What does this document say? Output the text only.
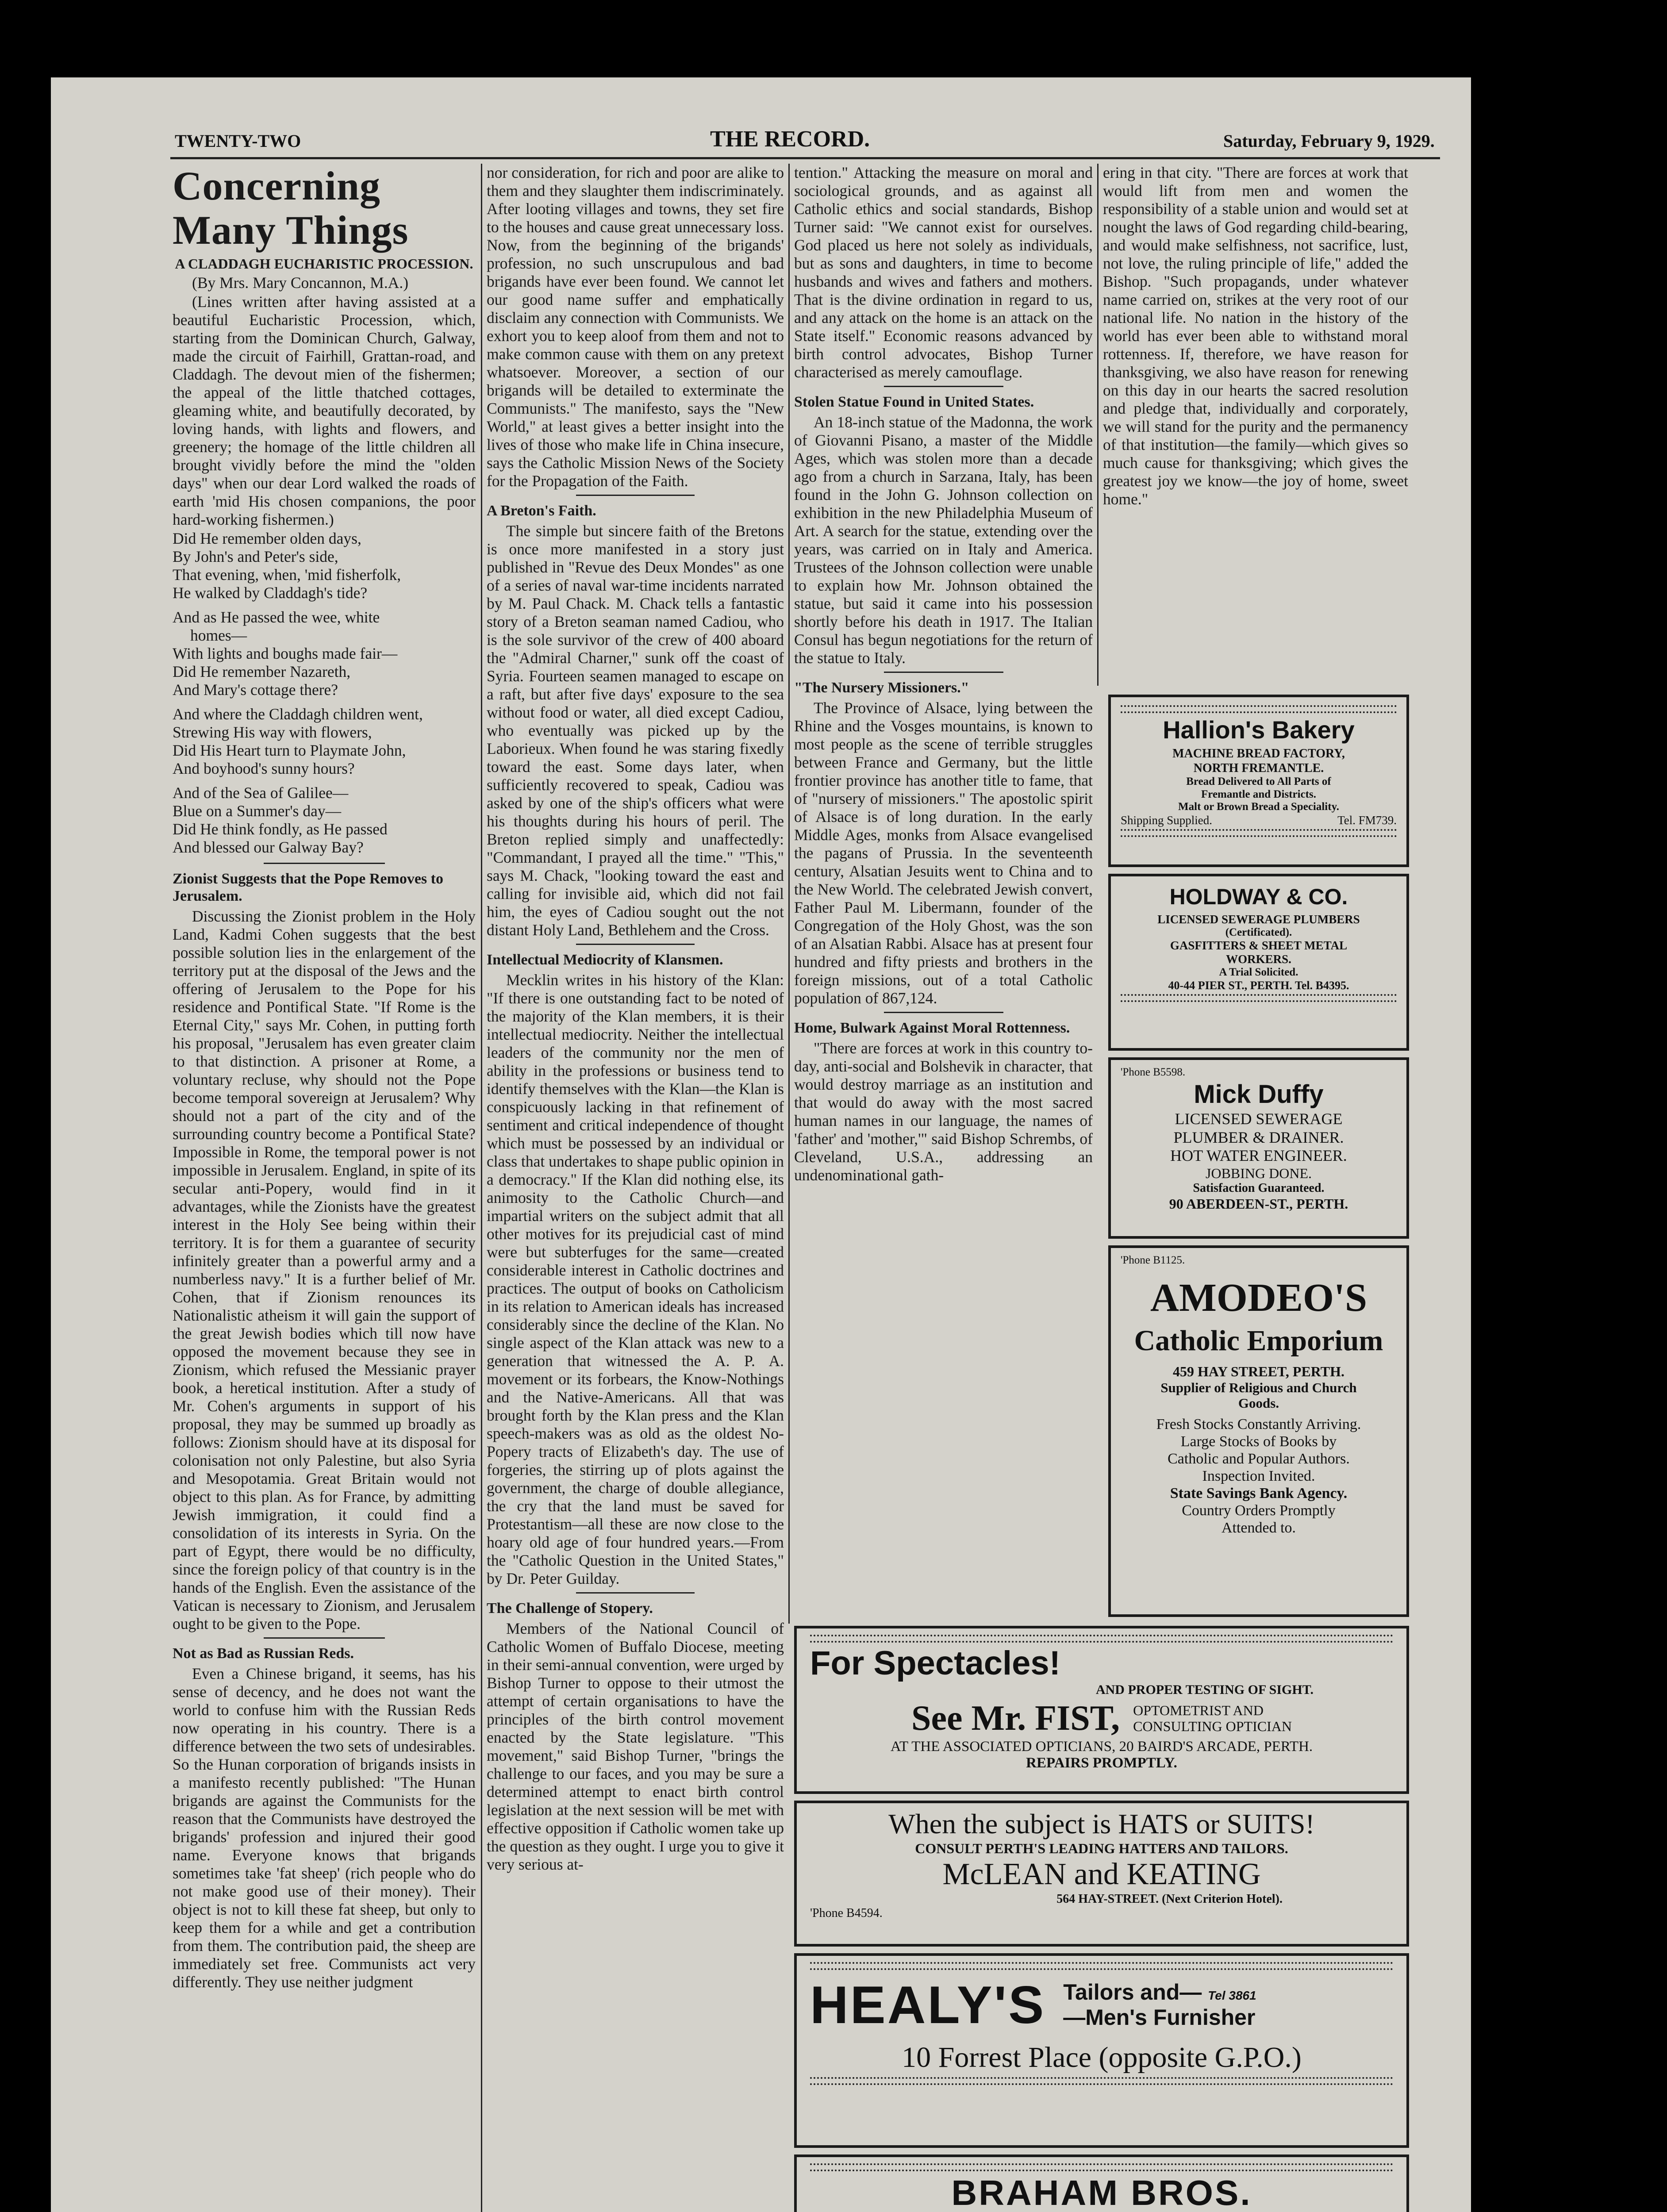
TWENTY-TWO	THE RECORD.	Saturday, February 9, 1929.
Concerning Many Things
A CLADDAGH EUCHARISTIC PROCESSION.

(By Mrs. Mary Concannon, M.A.)

(Lines written after having assisted at a beautiful Eucharistic Procession, which, starting from the Dominican Church, Galway, made the circuit of Fairhill, Grattan-road, and Claddagh. The devout mien of the fishermen; the appeal of the little thatched cottages, gleaming white, and beautifully decorated, by loving hands, with lights and flowers, and greenery; the homage of the little children all brought vividly before the mind the "olden days" when our dear Lord walked the roads of earth 'mid His chosen companions, the poor hard-working fishermen.)

Did He remember olden days,
By John's and Peter's side,
That evening, when, 'mid fisherfolk,
He walked by Claddagh's tide?
And as He passed the wee, white
homes—
With lights and boughs made fair—
Did He remember Nazareth,
And Mary's cottage there?
And where the Claddagh children went,
Strewing His way with flowers,
Did His Heart turn to Playmate John,
And boyhood's sunny hours?
And of the Sea of Galilee—
Blue on a Summer's day—
Did He think fondly, as He passed
And blessed our Galway Bay?
Zionist Suggests that the Pope Removes to Jerusalem.

Discussing the Zionist problem in the Holy Land, Kadmi Cohen suggests that the best possible solution lies in the enlargement of the territory put at the disposal of the Jews and the offering of Jerusalem to the Pope for his residence and Pontifical State. "If Rome is the Eternal City," says Mr. Cohen, in putting forth his proposal, "Jerusalem has even greater claim to that distinction. A prisoner at Rome, a voluntary recluse, why should not the Pope become temporal sovereign at Jerusalem? Why should not a part of the city and of the surrounding country become a Pontifical State? Impossible in Rome, the temporal power is not impossible in Jerusalem. England, in spite of its secular anti-Popery, would find in it advantages, while the Zionists have the greatest interest in the Holy See being within their territory. It is for them a guarantee of security infinitely greater than a powerful army and a numberless navy." It is a further belief of Mr. Cohen, that if Zionism renounces its Nationalistic atheism it will gain the support of the great Jewish bodies which till now have opposed the movement because they see in Zionism, which refused the Messianic prayer book, a heretical institution. After a study of Mr. Cohen's arguments in support of his proposal, they may be summed up broadly as follows: Zionism should have at its disposal for colonisation not only Palestine, but also Syria and Mesopotamia. Great Britain would not object to this plan. As for France, by admitting Jewish immigration, it could find a consolidation of its interests in Syria. On the part of Egypt, there would be no difficulty, since the foreign policy of that country is in the hands of the English. Even the assistance of the Vatican is necessary to Zionism, and Jerusalem ought to be given to the Pope.

Not as Bad as Russian Reds.

Even a Chinese brigand, it seems, has his sense of decency, and he does not want the world to confuse him with the Russian Reds now operating in his country. There is a difference between the two sets of undesirables. So the Hunan corporation of brigands insists in a manifesto recently published: "The Hunan brigands are against the Communists for the reason that the Communists have destroyed the brigands' profession and injured their good name. Everyone knows that brigands sometimes take 'fat sheep' (rich people who do not make good use of their money). Their object is not to kill these fat sheep, but only to keep them for a while and get a contribution from them. The contribution paid, the sheep are immediately set free. Communists act very differently. They use neither judgment

nor consideration, for rich and poor are alike to them and they slaughter them indiscriminately. After looting villages and towns, they set fire to the houses and cause great unnecessary loss. Now, from the beginning of the brigands' profession, no such unscrupulous and bad brigands have ever been found. We cannot let our good name suffer and emphatically disclaim any connection with Communists. We exhort you to keep aloof from them and not to make common cause with them on any pretext whatsoever. Moreover, a section of our brigands will be detailed to exterminate the Communists." The manifesto, says the "New World," at least gives a better insight into the lives of those who make life in China insecure, says the Catholic Mission News of the Society for the Propagation of the Faith.

A Breton's Faith.

The simple but sincere faith of the Bretons is once more manifested in a story just published in "Revue des Deux Mondes" as one of a series of naval war-time incidents narrated by M. Paul Chack. M. Chack tells a fantastic story of a Breton seaman named Cadiou, who is the sole survivor of the crew of 400 aboard the "Admiral Charner," sunk off the coast of Syria. Fourteen seamen managed to escape on a raft, but after five days' exposure to the sea without food or water, all died except Cadiou, who eventually was picked up by the Laborieux. When found he was staring fixedly toward the east. Some days later, when sufficiently recovered to speak, Cadiou was asked by one of the ship's officers what were his thoughts during his hours of peril. The Breton replied simply and unaffectedly: "Commandant, I prayed all the time." "This," says M. Chack, "looking toward the east and calling for invisible aid, which did not fail him, the eyes of Cadiou sought out the not distant Holy Land, Bethlehem and the Cross.

Intellectual Mediocrity of Klansmen.

Mecklin writes in his history of the Klan: "If there is one outstanding fact to be noted of the majority of the Klan members, it is their intellectual mediocrity. Neither the intellectual leaders of the community nor the men of ability in the professions or business tend to identify themselves with the Klan—the Klan is conspicuously lacking in that refinement of sentiment and critical independence of thought which must be possessed by an individual or class that undertakes to shape public opinion in a democracy." If the Klan did nothing else, its animosity to the Catholic Church—and impartial writers on the subject admit that all other motives for its prejudicial cast of mind were but subterfuges for the same—created considerable interest in Catholic doctrines and practices. The output of books on Catholicism in its relation to American ideals has increased considerably since the decline of the Klan. No single aspect of the Klan attack was new to a generation that witnessed the A. P. A. movement or its forbears, the Know-Nothings and the Native-Americans. All that was brought forth by the Klan press and the Klan speech-makers was as old as the oldest No-Popery tracts of Elizabeth's day. The use of forgeries, the stirring up of plots against the government, the charge of double allegiance, the cry that the land must be saved for Protestantism—all these are now close to the hoary old age of four hundred years.—From the "Catholic Question in the United States," by Dr. Peter Guilday.

The Challenge of Stopery.

Members of the National Council of Catholic Women of Buffalo Diocese, meeting in their semi-annual convention, were urged by Bishop Turner to oppose to their utmost the attempt of certain organisations to have the principles of the birth control movement enacted by the State legislature. "This movement," said Bishop Turner, "brings the challenge to our faces, and you may be sure a determined attempt to enact birth control legislation at the next session will be met with effective opposition if Catholic women take up the question as they ought. I urge you to give it very serious at-

tention." Attacking the measure on moral and sociological grounds, and as against all Catholic ethics and social standards, Bishop Turner said: "We cannot exist for ourselves. God placed us here not solely as individuals, but as sons and daughters, in time to become husbands and wives and fathers and mothers. That is the divine ordination in regard to us, and any attack on the home is an attack on the State itself." Economic reasons advanced by birth control advocates, Bishop Turner characterised as merely camouflage.

Stolen Statue Found in United States.

An 18-inch statue of the Madonna, the work of Giovanni Pisano, a master of the Middle Ages, which was stolen more than a decade ago from a church in Sarzana, Italy, has been found in the John G. Johnson collection on exhibition in the new Philadelphia Museum of Art. A search for the statue, extending over the years, was carried on in Italy and America. Trustees of the Johnson collection were unable to explain how Mr. Johnson obtained the statue, but said it came into his possession shortly before his death in 1917. The Italian Consul has begun negotiations for the return of the statue to Italy.

"The Nursery Missioners."

The Province of Alsace, lying between the Rhine and the Vosges mountains, is known to most people as the scene of terrible struggles between France and Germany, but the little frontier province has another title to fame, that of "nursery of missioners." The apostolic spirit of Alsace is of long duration. In the early Middle Ages, monks from Alsace evangelised the pagans of Prussia. In the seventeenth century, Alsatian Jesuits went to China and to the New World. The celebrated Jewish convert, Father Paul M. Libermann, founder of the Congregation of the Holy Ghost, was the son of an Alsatian Rabbi. Alsace has at present four hundred and fifty priests and brothers in the foreign missions, out of a total Catholic population of 867,124.

Home, Bulwark Against Moral Rottenness.

"There are forces at work in this country to-day, anti-social and Bolshevik in character, that would destroy marriage as an institution and that would do away with the most sacred human names in our language, the names of 'father' and 'mother,'" said Bishop Schrembs, of Cleveland, U.S.A., addressing an undenominational gath-

ering in that city. "There are forces at work that would lift from men and women the responsibility of a stable union and would set at nought the laws of God regarding child-bearing, and would make selfishness, not sacrifice, lust, not love, the ruling principle of life," added the Bishop. "Such propagands, under whatever name carried on, strikes at the very root of our national life. No nation in the history of the world has ever been able to withstand moral rottenness. If, therefore, we have reason for thanksgiving, we also have reason for renewing on this day in our hearts the sacred resolution and pledge that, individually and corporately, we will stand for the purity and the permanency of that institution—the family—which gives so much cause for thanksgiving; which gives the greatest joy we know—the joy of home, sweet home."

Hallion's Bakery
MACHINE BREAD FACTORY,
NORTH FREMANTLE.
Bread Delivered to All Parts of
Fremantle and Districts.
Malt or Brown Bread a Speciality.
Shipping Supplied.	Tel. FM739.
HOLDWAY & CO.
LICENSED SEWERAGE PLUMBERS
(Certificated).
GASFITTERS & SHEET METAL
WORKERS.
A Trial Solicited.
40-44 PIER ST., PERTH. Tel. B4395.
'Phone B5598.
Mick Duffy
LICENSED SEWERAGE
PLUMBER & DRAINER.
HOT WATER ENGINEER.
JOBBING DONE.
Satisfaction Guaranteed.
90 ABERDEEN-ST., PERTH.
'Phone B1125.
AMODEO'S
Catholic Emporium
459 HAY STREET, PERTH.
Supplier of Religious and Church
Goods.
Fresh Stocks Constantly Arriving.
Large Stocks of Books by
Catholic and Popular Authors.
Inspection Invited.
State Savings Bank Agency.
Country Orders Promptly
Attended to.
For Spectacles!
AND PROPER TESTING OF SIGHT.
See Mr. FIST, OPTOMETRIST AND
CONSULTING OPTICIAN
AT THE ASSOCIATED OPTICIANS, 20 BAIRD'S ARCADE, PERTH.
REPAIRS PROMPTLY.
When the subject is HATS or SUITS!
CONSULT PERTH'S LEADING HATTERS AND TAILORS.
McLEAN and KEATING
564 HAY-STREET. (Next Criterion Hotel).
'Phone B4594.
HEALY'S Tailors and— Tel 3861
—Men's Furnisher
10 Forrest Place (opposite G.P.O.)
BRAHAM BROS.
